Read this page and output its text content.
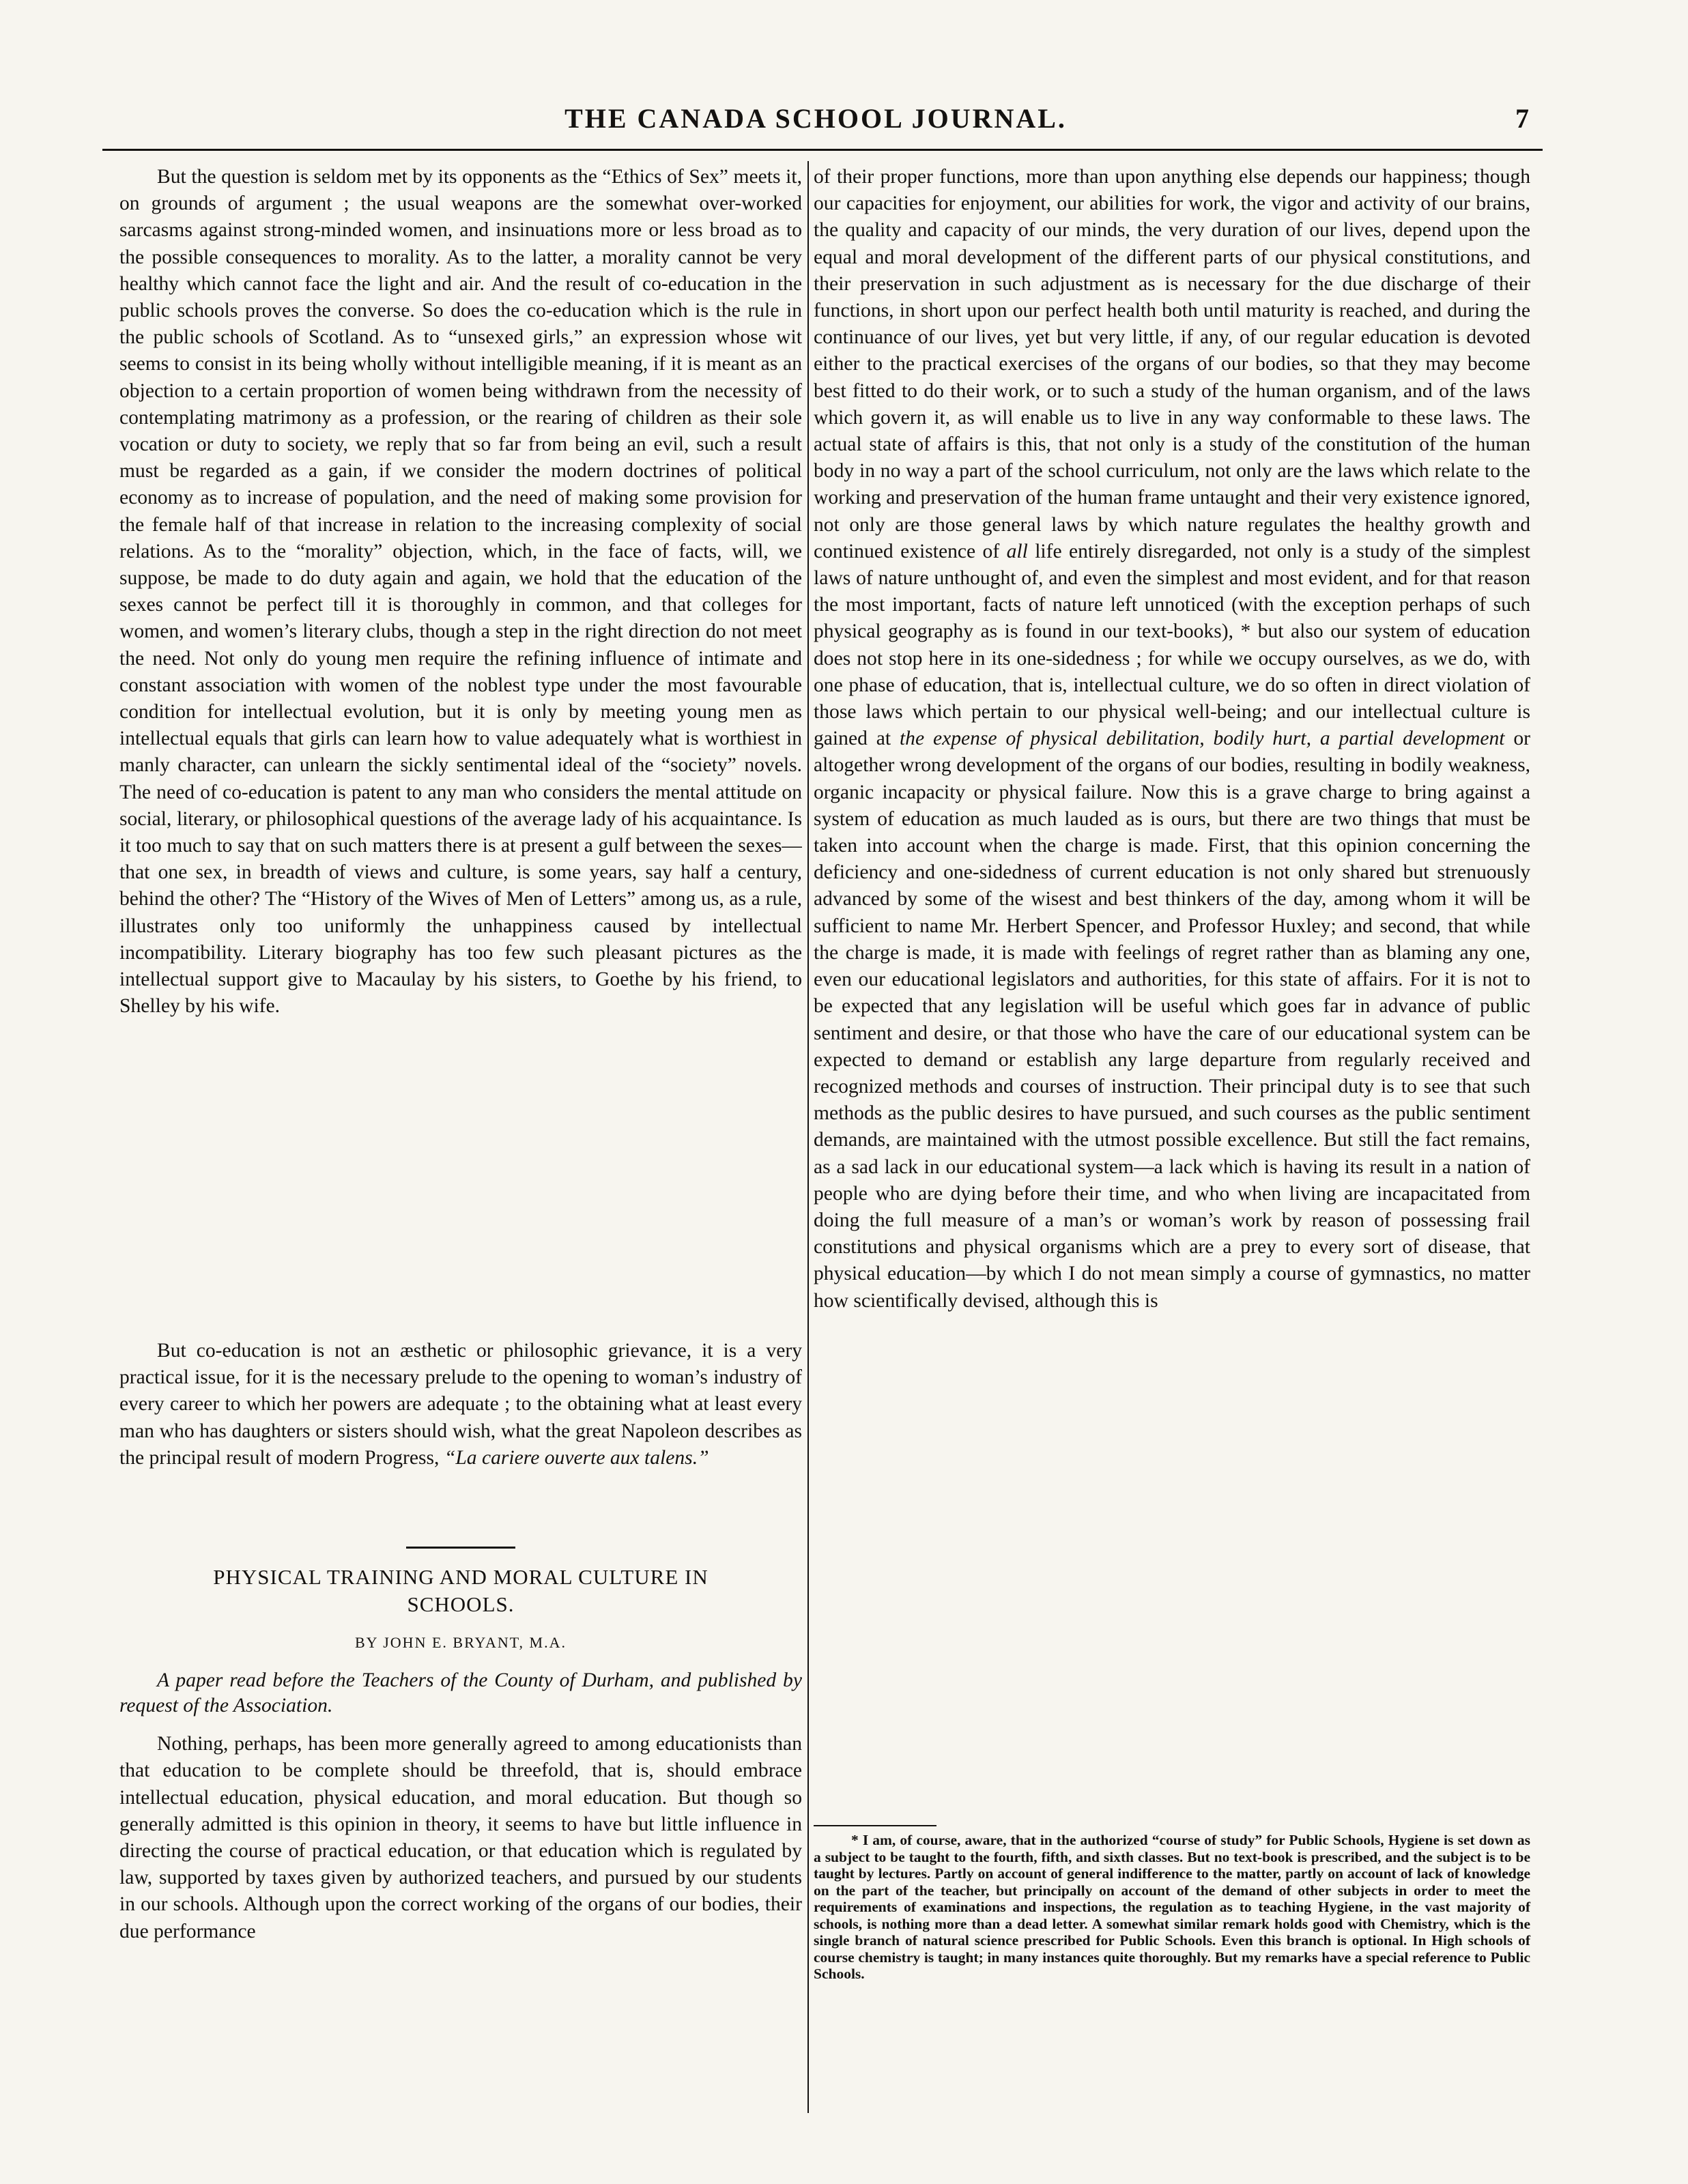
THE CANADA SCHOOL JOURNAL.	7

But the question is seldom met by its opponents as the “Ethics of Sex” meets it, on grounds of argument ; the usual weapons are the somewhat over-worked sarcasms against strong-minded women, and insinuations more or less broad as to the possible consequences to morality. As to the latter, a morality cannot be very healthy which cannot face the light and air. And the result of co-education in the public schools proves the converse. So does the co-education which is the rule in the public schools of Scotland. As to “unsexed girls,” an expression whose wit seems to consist in its being wholly without intelligible meaning, if it is meant as an objection to a certain proportion of women being withdrawn from the necessity of contemplating matrimony as a profession, or the rearing of children as their sole vocation or duty to society, we reply that so far from being an evil, such a result must be regarded as a gain, if we consider the modern doctrines of political economy as to increase of population, and the need of making some provision for the female half of that increase in relation to the increasing complexity of social relations. As to the “morality” objection, which, in the face of facts, will, we suppose, be made to do duty again and again, we hold that the education of the sexes cannot be perfect till it is thoroughly in common, and that colleges for women, and women’s literary clubs, though a step in the right direction do not meet the need. Not only do young men require the refining influence of intimate and constant association with women of the noblest type under the most favourable condition for intellectual evolution, but it is only by meeting young men as intellectual equals that girls can learn how to value adequately what is worthiest in manly character, can unlearn the sickly sentimental ideal of the “society” novels. The need of co-education is patent to any man who considers the mental attitude on social, literary, or philosophical questions of the average lady of his acquaintance. Is it too much to say that on such matters there is at present a gulf between the sexes— that one sex, in breadth of views and culture, is some years, say half a century, behind the other? The “History of the Wives of Men of Letters” among us, as a rule, illustrates only too uniformly the unhappiness caused by intellectual incompatibility. Literary biography has too few such pleasant pictures as the intellectual support give to Macaulay by his sisters, to Goethe by his friend, to Shelley by his wife.

But co-education is not an æsthetic or philosophic grievance, it is a very practical issue, for it is the necessary prelude to the opening to woman’s industry of every career to which her powers are adequate ; to the obtaining what at least every man who has daughters or sisters should wish, what the great Napoleon describes as the principal result of modern Progress, “La cariere ouverte aux talens.”

PHYSICAL TRAINING AND MORAL CULTURE IN
SCHOOLS.
BY JOHN E. BRYANT, M.A.

A paper read before the Teachers of the County of Durham, and published by request of the Association.

Nothing, perhaps, has been more generally agreed to among educationists than that education to be complete should be threefold, that is, should embrace intellectual education, physical education, and moral education. But though so generally admitted is this opinion in theory, it seems to have but little influence in directing the course of practical education, or that education which is regulated by law, supported by taxes given by authorized teachers, and pursued by our students in our schools. Although upon the correct working of the organs of our bodies, their due performance

of their proper functions, more than upon anything else depends our happiness; though our capacities for enjoyment, our abilities for work, the vigor and activity of our brains, the quality and capacity of our minds, the very duration of our lives, depend upon the equal and moral development of the different parts of our physical constitutions, and their preservation in such adjustment as is necessary for the due discharge of their functions, in short upon our perfect health both until maturity is reached, and during the continuance of our lives, yet but very little, if any, of our regular education is devoted either to the practical exercises of the organs of our bodies, so that they may become best fitted to do their work, or to such a study of the human organism, and of the laws which govern it, as will enable us to live in any way conformable to these laws. The actual state of affairs is this, that not only is a study of the constitution of the human body in no way a part of the school curriculum, not only are the laws which relate to the working and preservation of the human frame untaught and their very existence ignored, not only are those general laws by which nature regulates the healthy growth and continued existence of all life entirely disregarded, not only is a study of the simplest laws of nature unthought of, and even the simplest and most evident, and for that reason the most important, facts of nature left unnoticed (with the exception perhaps of such physical geography as is found in our text-books), * but also our system of education does not stop here in its one-sidedness ; for while we occupy ourselves, as we do, with one phase of education, that is, intellectual culture, we do so often in direct violation of those laws which pertain to our physical well-being; and our intellectual culture is gained at the expense of physical debilitation, bodily hurt, a partial development or altogether wrong development of the organs of our bodies, resulting in bodily weakness, organic incapacity or physical failure. Now this is a grave charge to bring against a system of education as much lauded as is ours, but there are two things that must be taken into account when the charge is made. First, that this opinion concerning the deficiency and one-sidedness of current education is not only shared but strenuously advanced by some of the wisest and best thinkers of the day, among whom it will be sufficient to name Mr. Herbert Spencer, and Professor Huxley; and second, that while the charge is made, it is made with feelings of regret rather than as blaming any one, even our educational legislators and authorities, for this state of affairs. For it is not to be expected that any legislation will be useful which goes far in advance of public sentiment and desire, or that those who have the care of our educational system can be expected to demand or establish any large departure from regularly received and recognized methods and courses of instruction. Their principal duty is to see that such methods as the public desires to have pursued, and such courses as the public sentiment demands, are maintained with the utmost possible excellence. But still the fact remains, as a sad lack in our educational system—a lack which is having its result in a nation of people who are dying before their time, and who when living are incapacitated from doing the full measure of a man’s or woman’s work by reason of possessing frail constitutions and physical organisms which are a prey to every sort of disease, that physical education—by which I do not mean simply a course of gymnastics, no matter how scientifically devised, although this is

* I am, of course, aware, that in the authorized “course of study” for Public Schools, Hygiene is set down as a subject to be taught to the fourth, fifth, and sixth classes. But no text-book is prescribed, and the subject is to be taught by lectures. Partly on account of general indifference to the matter, partly on account of lack of knowledge on the part of the teacher, but principally on account of the demand of other subjects in order to meet the requirements of examinations and inspections, the regulation as to teaching Hygiene, in the vast majority of schools, is nothing more than a dead letter. A somewhat similar remark holds good with Chemistry, which is the single branch of natural science prescribed for Public Schools. Even this branch is optional. In High schools of course chemistry is taught; in many instances quite thoroughly. But my remarks have a special reference to Public Schools.
